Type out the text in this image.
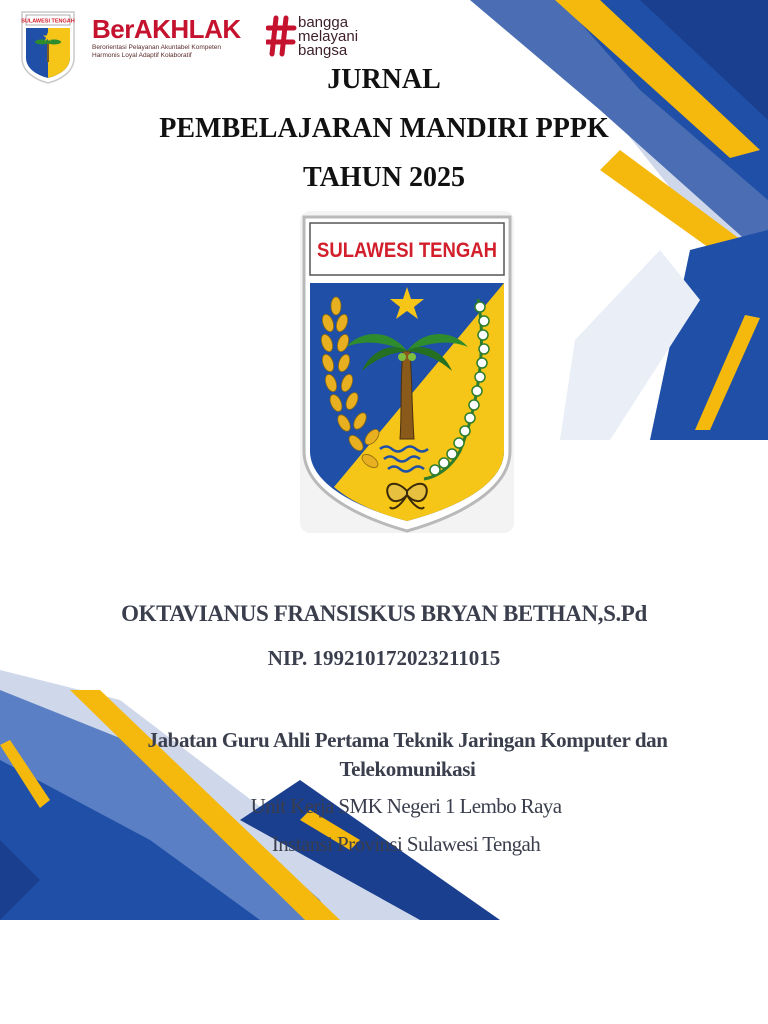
SULAWESI TENGAH BerAKHLAK
Berorientasi Pelayanan Akuntabel Kompeten
Harmonis Loyal Adaptif Kolaboratif
bangga
melayani
bangsa
JURNAL
PEMBELAJARAN MANDIRI PPPK
TAHUN 2025
SULAWESI TENGAH
OKTAVIANUS FRANSISKUS BRYAN BETHAN,S.Pd
NIP. 199210172023211015
Jabatan Guru Ahli Pertama Teknik Jaringan Komputer dan Telekomunikasi
Unit Kerja SMK Negeri 1 Lembo Raya
Instansi Provinsi Sulawesi Tengah
